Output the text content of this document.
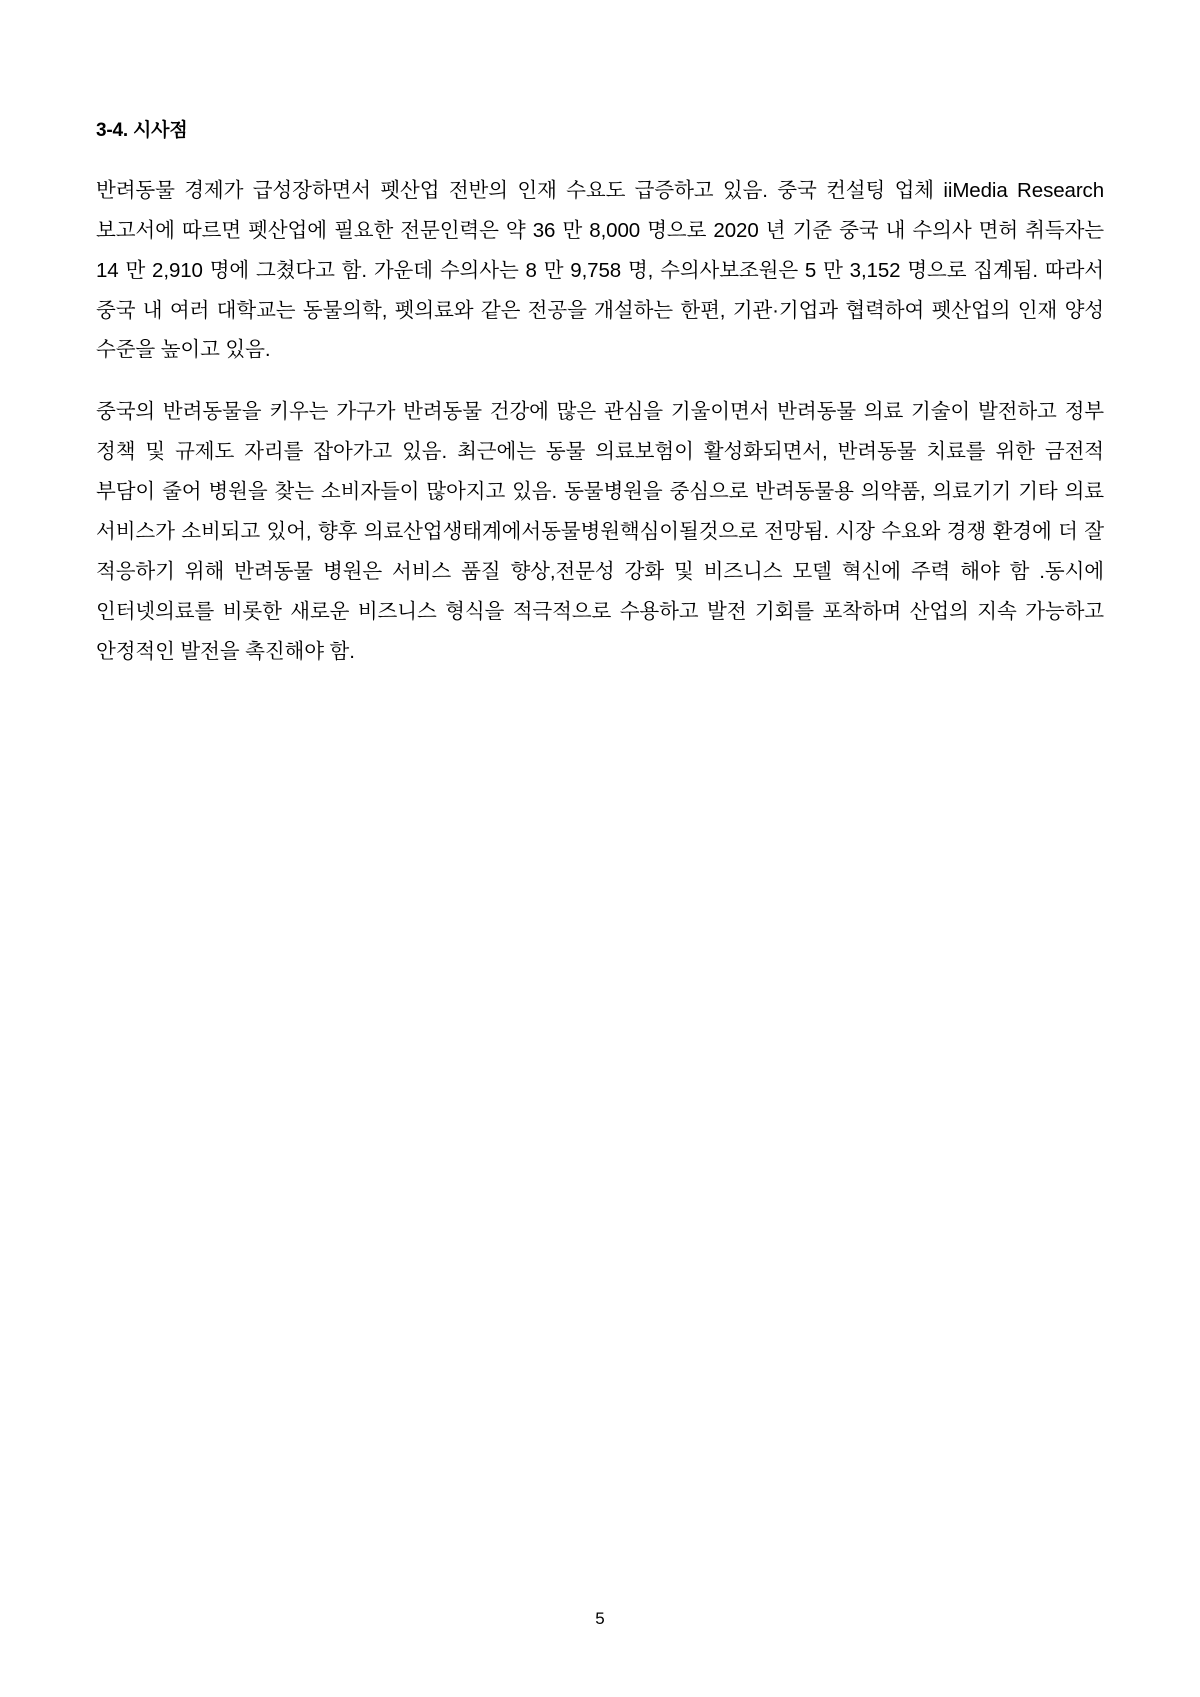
3-4. 시사점

반려동물 경제가 급성장하면서 펫산업 전반의 인재 수요도 급증하고 있음. 중국 컨설팅 업체 iiMedia Research 보고서에 따르면 펫산업에 필요한 전문인력은 약 36 만 8,000 명으로 2020 년 기준 중국 내 수의사 면허 취득자는 14 만 2,910 명에 그쳤다고 함. 가운데 수의사는 8 만 9,758 명, 수의사보조원은 5 만 3,152 명으로 집계됨. 따라서 중국 내 여러 대학교는 동물의학, 펫의료와 같은 전공을 개설하는 한편, 기관·기업과 협력하여 펫산업의 인재 양성 수준을 높이고 있음.

중국의 반려동물을 키우는 가구가 반려동물 건강에 많은 관심을 기울이면서 반려동물 의료 기술이 발전하고 정부 정책 및 규제도 자리를 잡아가고 있음. 최근에는 동물 의료보험이 활성화되면서, 반려동물 치료를 위한 금전적 부담이 줄어 병원을 찾는 소비자들이 많아지고 있음. 동물병원을 중심으로 반려동물용 의약품, 의료기기 기타 의료 서비스가 소비되고 있어, 향후 의료산업생태계에서동물병원핵심이될것으로 전망됨. 시장 수요와 경쟁 환경에 더 잘 적응하기 위해 반려동물 병원은 서비스 품질 향상,전문성 강화 및 비즈니스 모델 혁신에 주력 해야 함 .동시에 인터넷의료를 비롯한 새로운 비즈니스 형식을 적극적으로 수용하고 발전 기회를 포착하며 산업의 지속 가능하고 안정적인 발전을 촉진해야 함.

5
